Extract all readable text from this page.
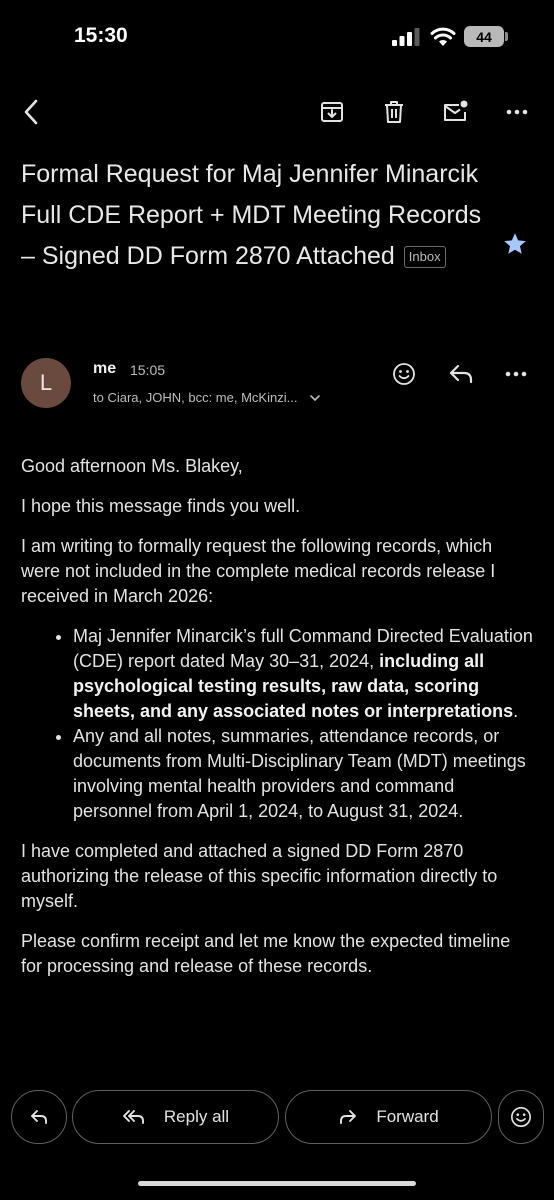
15:30	44
Formal Request for Maj Jennifer Minarcik Full CDE Report + MDT Meeting Records – Signed DD Form 2870 Attached Inbox
L
me 15:05
to Ciara, JOHN, bcc: me, McKinzi...

Good afternoon Ms. Blakey,

I hope this message finds you well.

I am writing to formally request the following records, which were not included in the complete medical records release I received in March 2026:

• Maj Jennifer Minarcik’s full Command Directed Evaluation (CDE) report dated May 30–31, 2024, including all psychological testing results, raw data, scoring sheets, and any associated notes or interpretations.
• Any and all notes, summaries, attendance records, or documents from Multi-Disciplinary Team (MDT) meetings involving mental health providers and command personnel from April 1, 2024, to August 31, 2024.

I have completed and attached a signed DD Form 2870 authorizing the release of this specific information directly to myself.

Please confirm receipt and let me know the expected timeline for processing and release of these records.

Reply all	Forward
